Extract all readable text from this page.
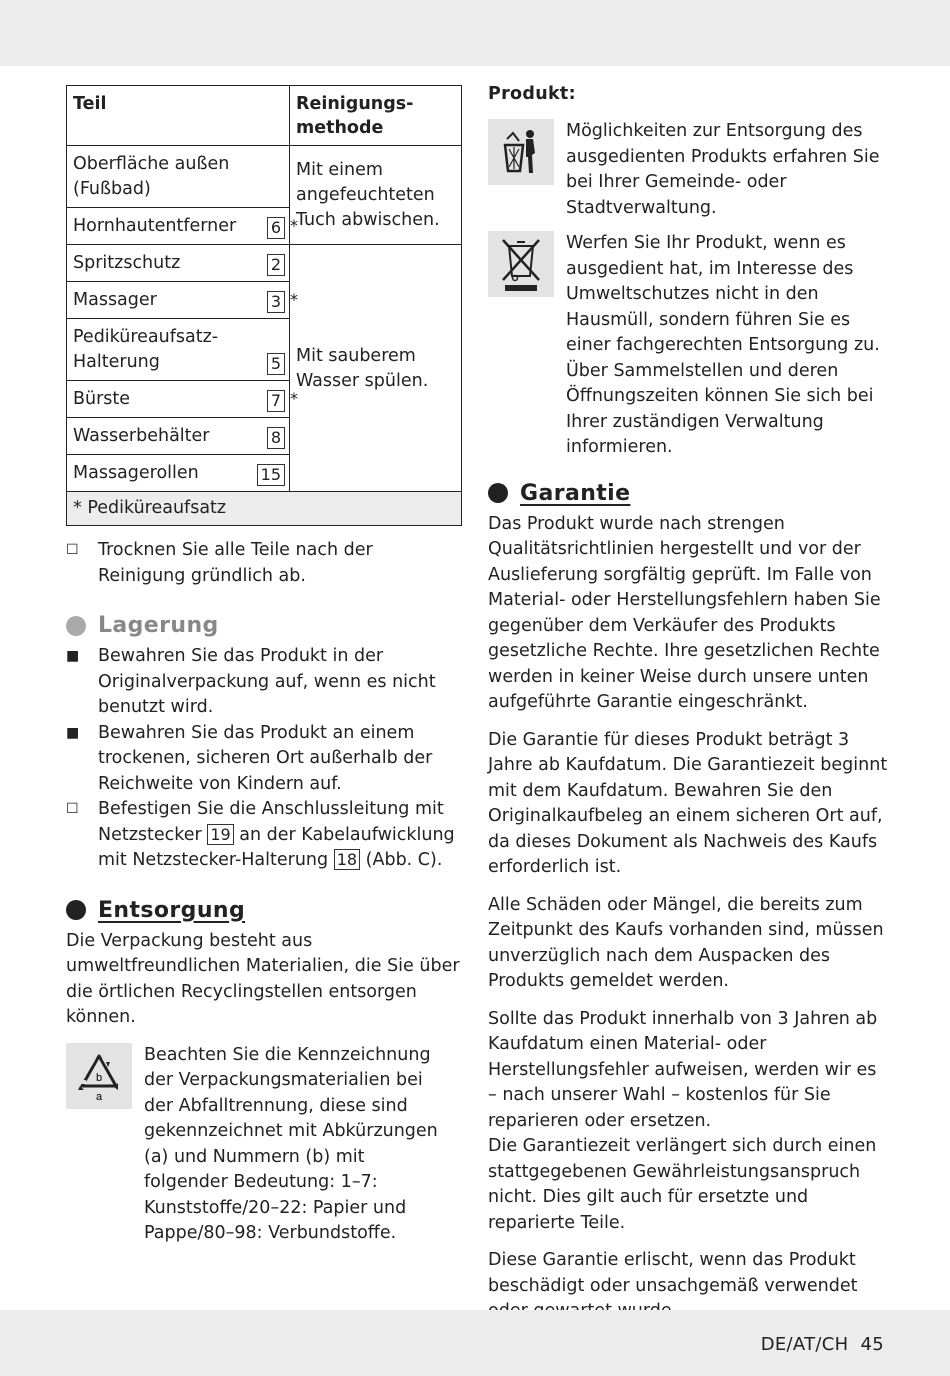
Teil	Reinigungs-
methode
Oberfläche außen
(Fußbad)	Mit einem
angefeuchteten
Tuch abwischen.

Hornhautentferner 6 *

Spritzschutz 2	Mit sauberem
Wasser spülen.

Massager 3 *

Pediküreaufsatz-
Halterung 5	

Bürste 7 *

Wasserbehälter 8	

Massagerollen 15	

* Pediküreaufsatz	
☐	Trocknen Sie alle Teile nach der Reinigung gründlich ab.
Lagerung
■	Bewahren Sie das Produkt in der Originalverpackung auf, wenn es nicht benutzt wird.
■	Bewahren Sie das Produkt an einem trockenen, sicheren Ort außerhalb der Reichweite von Kindern auf.
☐	Befestigen Sie die Anschlussleitung mit Netzstecker 19 an der Kabelaufwicklung mit Netzstecker-Halterung 18 (Abb. C).
Entsorgung

Die Verpackung besteht aus umweltfreundlichen Materialien, die Sie über die örtlichen Recyclingstellen entsorgen können.

b
a

Beachten Sie die Kennzeichnung der Verpackungsmaterialien bei der Abfalltrennung, diese sind gekennzeichnet mit Abkürzungen (a) und Nummern (b) mit folgender Bedeutung: 1–7: Kunststoffe/20–22: Papier und Pappe/80–98: Verbundstoffe.

Produkt:

Möglichkeiten zur Entsorgung des ausgedienten Produkts erfahren Sie bei Ihrer Gemeinde- oder Stadtverwaltung.

Werfen Sie Ihr Produkt, wenn es ausgedient hat, im Interesse des Umweltschutzes nicht in den Hausmüll, sondern führen Sie es einer fachgerechten Entsorgung zu. Über Sammelstellen und deren Öffnungszeiten können Sie sich bei Ihrer zuständigen Verwaltung informieren.

Garantie

Das Produkt wurde nach strengen Qualitätsrichtlinien hergestellt und vor der Auslieferung sorgfältig geprüft. Im Falle von Material- oder Herstellungsfehlern haben Sie gegenüber dem Verkäufer des Produkts gesetzliche Rechte. Ihre gesetzlichen Rechte werden in keiner Weise durch unsere unten aufgeführte Garantie eingeschränkt.

Die Garantie für dieses Produkt beträgt 3 Jahre ab Kaufdatum. Die Garantiezeit beginnt mit dem Kaufdatum. Bewahren Sie den Originalkaufbeleg an einem sicheren Ort auf, da dieses Dokument als Nachweis des Kaufs erforderlich ist.

Alle Schäden oder Mängel, die bereits zum Zeitpunkt des Kaufs vorhanden sind, müssen unverzüglich nach dem Auspacken des Produkts gemeldet werden.

Sollte das Produkt innerhalb von 3 Jahren ab Kaufdatum einen Material- oder Herstellungsfehler aufweisen, werden wir es – nach unserer Wahl – kostenlos für Sie reparieren oder ersetzen.

Die Garantiezeit verlängert sich durch einen stattgegebenen Gewährleistungsanspruch nicht. Dies gilt auch für ersetzte und reparierte Teile.

Diese Garantie erlischt, wenn das Produkt beschädigt oder unsachgemäß verwendet

DE/AT/CH 45
